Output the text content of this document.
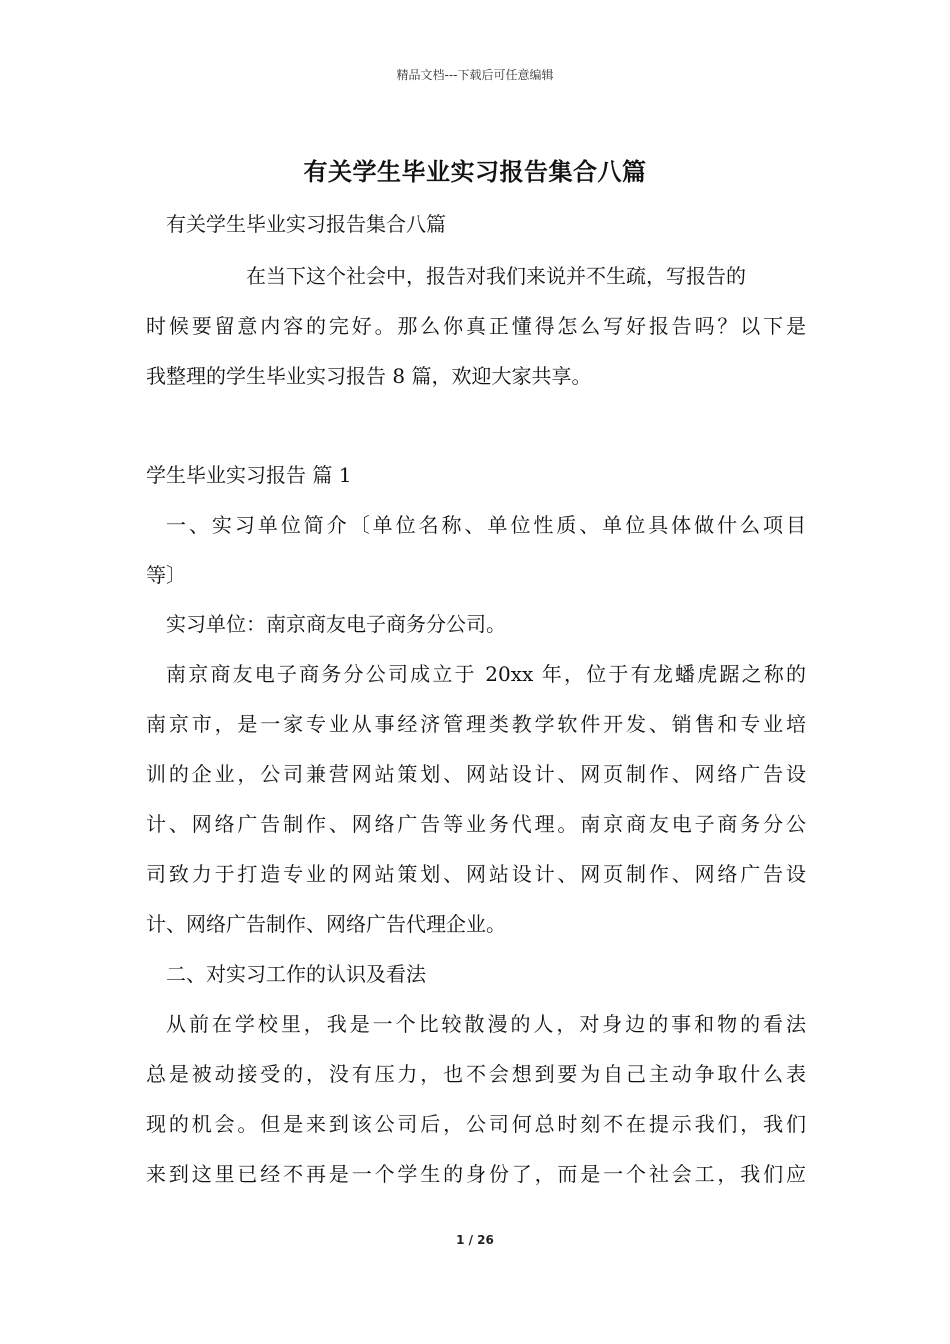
精品文档---下载后可任意编辑
有关学生毕业实习报告集合八篇
有关学生毕业实习报告集合八篇
在当下这个社会中，报告对我们来说并不生疏，写报告的
时候要留意内容的完好。那么你真正懂得怎么写好报告吗？以下是
我整理的学生毕业实习报告 8 篇，欢迎大家共享。
学生毕业实习报告 篇 1
一、实习单位简介〔单位名称、单位性质、单位具体做什么项目
等〕
实习单位：南京商友电子商务分公司。
南京商友电子商务分公司成立于 20xx 年，位于有龙蟠虎踞之称的
南京市，是一家专业从事经济管理类教学软件开发、销售和专业培
训的企业，公司兼营网站策划、网站设计、网页制作、网络广告设
计、网络广告制作、网络广告等业务代理。南京商友电子商务分公
司致力于打造专业的网站策划、网站设计、网页制作、网络广告设
计、网络广告制作、网络广告代理企业。
二、对实习工作的认识及看法
从前在学校里，我是一个比较散漫的人，对身边的事和物的看法
总是被动接受的，没有压力，也不会想到要为自己主动争取什么表
现的机会。但是来到该公司后，公司何总时刻不在提示我们，我们
来到这里已经不再是一个学生的身份了，而是一个社会工，我们应
1 / 26
